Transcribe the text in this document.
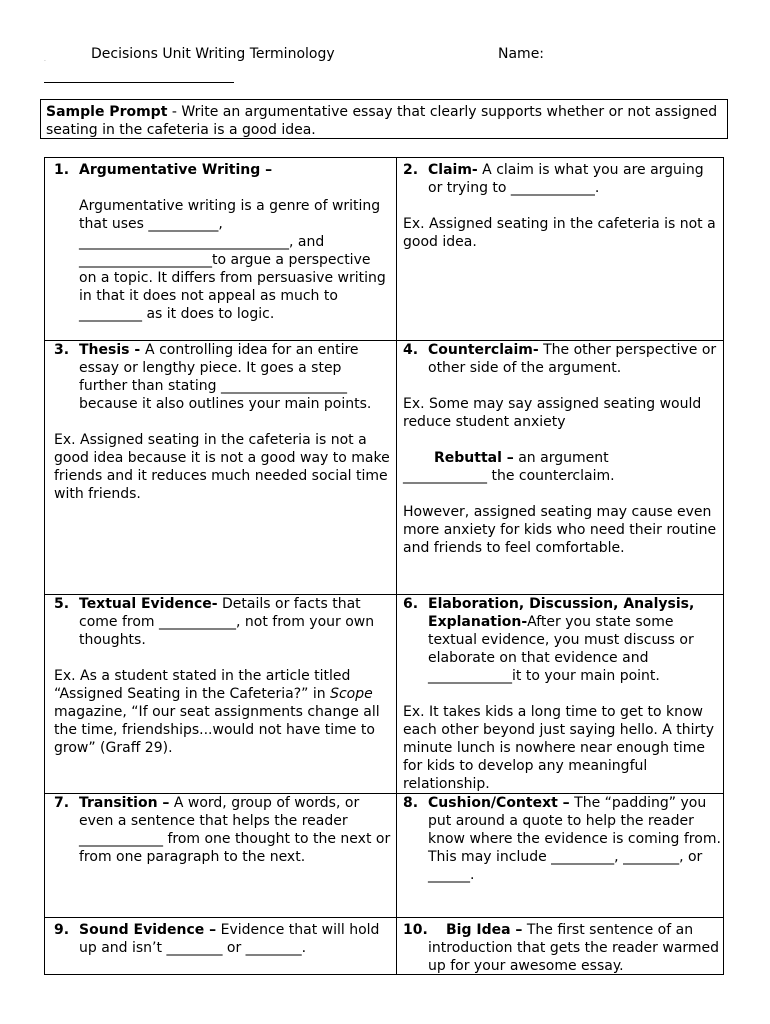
.	Decisions Unit Writing Terminology	Name:
Sample Prompt - Write an argumentative essay that clearly supports whether or not assigned seating in the cafeteria is a good idea.
1. Argumentative Writing –
Argumentative writing is a genre of writing that uses __________, ______________________________, and ___________________to argue a perspective on a topic. It differs from persuasive writing in that it does not appeal as much to _________ as it does to logic.
2. Claim- A claim is what you are arguing or trying to ____________.
Ex. Assigned seating in the cafeteria is not a good idea.
3. Thesis - A controlling idea for an entire essay or lengthy piece. It goes a step further than stating __________________ because it also outlines your main points.
Ex. Assigned seating in the cafeteria is not a good idea because it is not a good way to make friends and it reduces much needed social time with friends.
4. Counterclaim- The other perspective or other side of the argument.
Ex. Some may say assigned seating would reduce student anxiety
Rebuttal – an argument
____________ the counterclaim.
However, assigned seating may cause even more anxiety for kids who need their routine and friends to feel comfortable.
5. Textual Evidence- Details or facts that come from ___________, not from your own thoughts.
Ex. As a student stated in the article titled “Assigned Seating in the Cafeteria?” in Scope magazine, “If our seat assignments change all the time, friendships...would not have time to grow” (Graff 29).
6. Elaboration, Discussion, Analysis, Explanation-After you state some textual evidence, you must discuss or elaborate on that evidence and ____________it to your main point.
Ex. It takes kids a long time to get to know each other beyond just saying hello. A thirty minute lunch is nowhere near enough time for kids to develop any meaningful relationship.
7. Transition – A word, group of words, or even a sentence that helps the reader ____________ from one thought to the next or from one paragraph to the next.
8. Cushion/Context – The “padding” you put around a quote to help the reader know where the evidence is coming from. This may include _________, ________, or ______.
9. Sound Evidence – Evidence that will hold up and isn’t ________ or ________.
10.	Big Idea – The first sentence of an introduction that gets the reader warmed up for your awesome essay.
